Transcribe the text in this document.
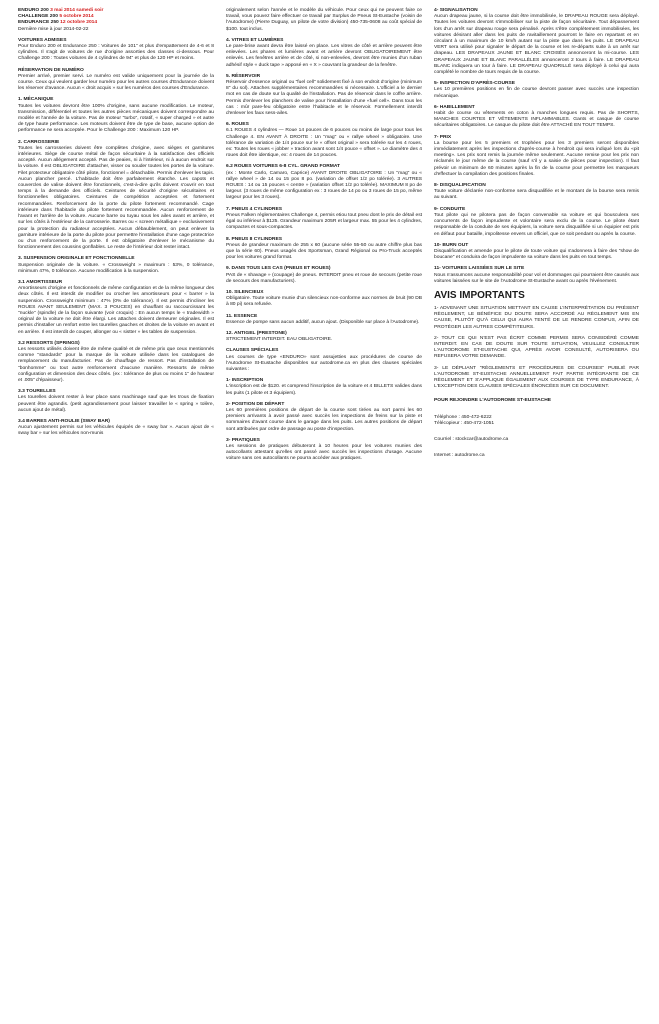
ENDURO 200 3 mai 2014 samedi soir
CHALLENGE 200 5 octobre 2014
ENDURANCE 250 12 octobre 2014
Dernière mise à jour 2014-02-22
VOITURES ADMISES
Pour Enduro 200 et Endurance 250 : Voitures de 101" et plus d'empattement de 4-6 et 8 cylindres. Il s'agit de voitures de rue d'origine assorties des classes ci-dessous. Pour Challenge 200 : Toutes voitures de 4 cylindres de 94" et plus de 120 HP et moins.
RÉSERVATION DE NUMÉRO
Premier arrivé, premier servi. Le numéro est valide uniquement pour la journée de la course. Ceux qui veulent garder leur numéro pour les autres courses d'Endurance doivent les réserver d'avance. Aucun « droit acquis » sur les numéros des courses d'Endurance.
1. MÉCANIQUE
Toutes les voitures devront être 100% d'origine, sans aucune modification. Le moteur, transmission, différentiel et toutes les autres pièces mécaniques doivent correspondre au modèle et l'année de la voiture. Pas de moteur "turbo", rotatif, « super charged » et autre de type haute performance. Les moteurs doivent être de type de base, aucune option de performance ne sera acceptée. Pour le Challenge 200 : Maximum 120 HP.
2. CARROSSERIE
Toutes les carrosseries doivent être complètes d'origine, avec sièges et garnitures intérieures. Siège de course métal de façon sécuritaire à la satisfaction des officiels accepté. Aucun allégement accepté. Pas de peaies, ni à l'intérieur, ni à aucun endroit sur la voiture. Il est OBLIGATOIRE d'attacher, visser ou souder toutes les portes de la voiture. Filet protecteur obligatoire côté pilote, fonctionnel = détachable. Permis d'enlever les tapis. Aucun plancher percé. L'habitacle doit être parfaitement étanche. Les capots et couvercles de valise doivent être fonctionnels, c'est-à-dire qu'ils doivent s'ouvrir en tout temps à la demande des officiels. Ceintures de sécurité d'origine sécuritaires et fonctionnelles obligatoires. Ceintures de compétition acceptées et fortement recommandées. Renforcement de la porte du pilote fortement recommandé. Cage intérieure dans l'habitacle du pilote fortement recommandée. Aucun renforcement de l'avant et l'arrière de la voiture. Aucune barre ou tuyau sous les ailes avant et arrière, et sur les côtés à l'extérieur de la carrosserie. Barres ou « screen métallique » exclusivement pour la protection du radiateur acceptées. Aucun débaublement, on peut enlever la garniture intérieure de la porte du pilote pour permettre l'installation d'une cage protectrice ou d'un renforcement de la porte. Il est obligatoire d'enlever le mécanisme du fonctionnement des coussins gonflables. Le reste de l'intérieur doit rester intact.
3. SUSPENSION ORIGINALE ET FONCTIONNELLE
Suspension originale de la voiture. « Crossweight » maximum : 53%, 0 tolérance, minimum 47%, 0 tolérance. Aucune modification à la suspension.
3.1 AMORTISSEUR
Amortisseurs d'origine et fonctionnels de même configuration et de la même longueur des deux côtés. Il est interdit de modifier ou crocher les amortisseurs pour « barrer » la suspension. Crossweight minimum : 47% (0% de tolérance). Il est permis d'incliner les ROUES AVANT SEULEMENT (MAX. 3 POUCES) en chauffant ou raccourcissant les "nuckle" (spindle) de la façon suivante (voir croquis) : En aucun temps le « tradewidth » original de la voiture ne doit être élargi. Les attaches doivent demeurer originales. Il est permis d'installer un renfort entre les tourelles gauches et droites de la voiture en avant et en arrière. Il est interdit de couper, allonger ou « sistter » les tables de suspension.
3.2 RESSORTS (SPRINGS)
Les ressorts utilisés doivent être de même qualité et de même prix que ceux mentionnés comme "standards" pour la marque de la voiture utilisée dans les catalogues de remplacement du manufacturier. Pas de chauffage de ressort. Pas d'installation de "bonhomme" ou tout autre renforcement d'aucune manière. Ressorts de même configuration et dimension des deux côtés. (ex : tolérance de plus ou moins 1" de hauteur et .005" d'épaisseur).
3.3 TOURELLES
Les tourelles doivent rester à leur place sans machinage sauf que les trous de fixation peuvent être agrandis. (petit agrandissement pour laisser travailler le « spring » tolère, aucun ajout de métal).
3.4 BARRES ANTI-ROULIE (SWAY BAR)
Aucun ajustement permis sur les véhicules équipés de « sway bar ». Aucun ajout de « sway bar » sur les véhicules non-munis
originalement selon l'année et le modèle du véhicule. Pour ceux qui ne peuvent faire ce travail, vous pouvez faire effectuer ce travail par Surplus de Pneus St-Eustache (voisin de l'Autodrome) (Pierre Duguay, un pilote de votre division) 450-735-0608 au coût spécial de $100. tout inclus.
4. VITRES ET LUMIÈRES
Le pare-brise avant devra être laissé en place. Les vitres de côté et arrière peuvent être enlevées. Les phares et lumières avant et arrière devront OBLIGATOIREMENT être enlevés. Les fenêtres arrière et de côté, si non-enlevées, devront être munies d'un ruban adhésif style « duck tape » apposé en « X » couvrant la grandeur de la fenêtre.
5. RÉSERVOIR
Réservoir d'essence original ou "fuel cell" solidement fixé à son endroit d'origine (minimum 8" du sol). Attaches supplémentaires recommandées si nécessaire. L'officiel a le dernier mot en cas de doute sur la qualité de l'installation. Pas de réservoir dans le coffre arrière. Permis d'enlever les planchers de valise pour l'installation d'une «fuel cell». Dans tous les cas : mûr pare-feu obligatoire entre l'habitacle et le réservoir. Formellement interdit d'enlever les faux sess-ailes.
6. ROUES
6.1 ROUES 4 cylindres — Roue 14 pouces de 6 pouces ou moins de large pour tous les Challenge 4. EN AVANT À DROITE : Un "mag" ou « rallye wheel » obligatoire. Une tolérance de variation de 1/4 pouce sur le « offset original » sera tolérée sur les 4 roues, ex: Toutes les roues « jobber » traction avant sont 1/4 pouce « offset ». Le diamètre des 4 roues doit être identique, ex: 4 roues de 14 pouces.
6.2 ROUES VOITURES 6-8 CYL. GRAND FORMAT
(ex : Monte Carlo, Camaro, Caprice) AVANT DROITE OBLIGATOIRE : Un "mag" ou « rallye wheel » de 14 ou 15 pox 8 po. (variation de offset 1/2 po tolérée). 3 AUTRES ROUES : 14 ou 15 pouces « centre » (variation offset 1/2 po tolérée). MAXIMUM 8 po de largeur. (3 roues de même configuration ex : 3 roues de 14 po ou 3 roues de 15 po, même largeur pour les 3 roues).
7. PNEUS 4 CYLINDRES
Pneus Falken réglementaires Challenge 4, permis etiou tout pneu dont le prix de détail est égal ou inférieur à $125. Grandeur maximum 205R et largeur max. 55 pour les 4 cylindres, compactes et sous-compactes.
8. PNEUS 8 CYLINDRES
Pneus de grandeur maximum de 255 x 60 (aucune série 55-50 ou autre chiffre plus bas que la série 60). Pneus usagés des Sportsman, Grand Régional ou Pro-Truck acceptés pour les voitures grand format.
9. DANS TOUS LES CAS (PNEUS ET ROUES)
PAS de « shavage » (coupage) de pneus. INTERDIT pneu et roue de secours (petite roue de secours des manufacturiers).
10. SILENCIEUX
Obligatoire. Toute voiture munie d'un silencieux non-conforme aux normes de bruit (90 DB à 80 pi) sera refusée.
11. ESSENCE
Essence de pompe sans aucun additif, aucun ajout. (Disponible sur place à l'Autodrome).
12. ANTIGEL (PRESTONE)
STRICTEMENT INTERDIT. EAU OBLIGATOIRE.
CLAUSES SPÉCIALES
Les courses de type «ENDURO» sont assujetties aux procédures de course de l'Autodrome St-Eustache disponibles sur autodrome.ca en plus des clauses spéciales suivantes :
1- INSCRIPTION
L'inscription est de $120. et comprend l'inscription de la voiture et 4 BILLETS valides dans les puits (1 pilote et 3 équipiers).
2- POSITION DE DÉPART
Les 60 premières positions de départ de la course sont tirées au sort parmi les 60 premiers arrivants à avoir passé avec succès les inspections de freins sur la piste et sommaires d'avant course dans le garage dans les puits. Les autres positions de départ sont attribuées par ordre de passage au poste d'inspection.
3- PRATIQUES
Les sessions de pratiques débuteront à 10 heures pour les voitures munies des autocollants attestant qu'elles ont passé avec succès les inspections d'usage. Aucune voiture sans ces autocollants ne pourra accéder aux pratiques.
4- SIGNALISATION
Aucun drapeau jaune, si la course doit être immobilisée, le DRAPEAU ROUGE sera déployé. Toutes les voitures devront s'immobiliser sur la piste de façon sécuritaire. Tout dépassement lors d'un arrêt sur drapeau rouge sera pénalisé. Après s'être complètement immobilisées, les voitures désirant aller dans les puits de ravitaillement pourront le faire en repartant et en circulant à un maximum de 10 km/h autant sur la piste que dans les puits. LE DRAPEAU VERT sera utilisé pour signaler le départ de la course et les re-départs suite à un arrêt sur drapeau. LES DRAPEAUX JAUNE ET BLANC CROISÉS annonceront la mi-course. LES DRAPEAUX JAUNE ET BLANC PARALLÈLES annonceront 2 tours à faire. LE DRAPEAU BLANC indiquera un tour à faire. LE DRAPEAU QUADRILLÉ sera déployé à celui qui aura complété le nombre de tours requis de la course.
5- INSPECTION D'APRÈS-COURSE
Les 10 premières positions en fin de course devront passer avec succès une inspection mécanique.
6- HABILLEMENT
Habit de course ou vêtements en coton à manches longues requis. Pas de SHORTS, MANCHES COURTES ET VÊTEMENTS INFLAMMABLES. Gants et casque de course sécuritaires obligatoires. Le casque du pilote doit être ATTACHÉ EN TOUT TEMPS.
7- PRIX
La bourse pour les 5 premiers et trophées pour les 3 premiers seront disponibles immédiatement après les inspections d'après-course à l'endroit qui sera indiqué lors du «pit meeting». Les prix sont remis la journée même seulement. Aucune remise pour les prix non réclamés le jour même de la course (sauf s'il y a saisie de pièces pour inspection). Il faut prévoir un minimum de 60 minutes après la fin de la course pour permettre les marqueurs d'effectuer la compilation des positions finales.
8- DISQUALIFICATION
Toute voiture déclarée non-conforme sera disqualifiée et le montant de la bourse sera remis au suivant.
9- CONDUITE
Tout pilote qui ne piloterа pas de façon convenable sa voiture et qui bousculera ses concurrents de façon imprudente et volontaire sera exclu de la course. Le pilote étant responsable de la conduite de ses équipiers, la voiture sera disqualifiée si un équipier est pris en défaut pour bataille, impolitesse envers un officiel, que ce soit pendant ou après la course.
10- BURN OUT
Disqualification et amende pour le pilote de toute voiture qui s'adonnera à faire des "show de boucane" et conduira de façon imprudente sa voiture dans les puits en tout temps.
11- VOITURES LAISSÉES SUR LE SITE
Nous n'assumons aucune responsabilité pour vol et dommages qui pourraient être causés aux voitures laissées sur le site de l'Autodrome St-Eustache avant ou après l'événement.
AVIS IMPORTANTS
1- ADVENANT UNE SITUATION METTANT EN CAUSE L'INTERPRÉTATION DU PRÉSENT RÈGLEMENT, LE BÉNÉFICE DU DOUTE SERA ACCORDÉ AU RÈGLEMENT MIS EN CAUSE, PLUTÔT QU'À CELUI QUI AURA TENTÉ DE LE RENDRE CONFUS, AFIN DE PROTÉGER LES AUTRES COMPÉTITEURS.
2- TOUT CE QUI N'EST PAS ÉCRIT COMME PERMIS SERA CONSIDÉRÉ COMME INTERDIT. EN CAS DE DOUTE SUR TOUTE SITUATION, VEUILLEZ CONSULTER L'AUTODROME ST-EUSTACHE QUI, APRÈS AVOIR CONSULTÉ, AUTORISERA OU REFUSERA VOTRE DEMANDE.
3- LE DÉPLIANT "RÈGLEMENTS ET PROCÉDURES DE COURSES" PUBLIÉ PAR L'AUTODROME ST-EUSTACHE ANNUELLEMENT FAIT PARTIE INTÉGRANTE DE CE RÈGLEMENT ET S'APPLIQUE ÉGALEMENT AUX COURSES DE TYPE ENDURANCE, À L'EXCEPTION DES CLAUSES SPÉCIALES ÉNONCÉES SUR CE DOCUMENT.
POUR REJOINDRE L'AUTODROME ST-EUSTACHE
Téléphone : 450-472-6222
Télécopieur : 450-472-1051
Courriel : stockcar@autodrome.ca
Internet : autodrome.ca
